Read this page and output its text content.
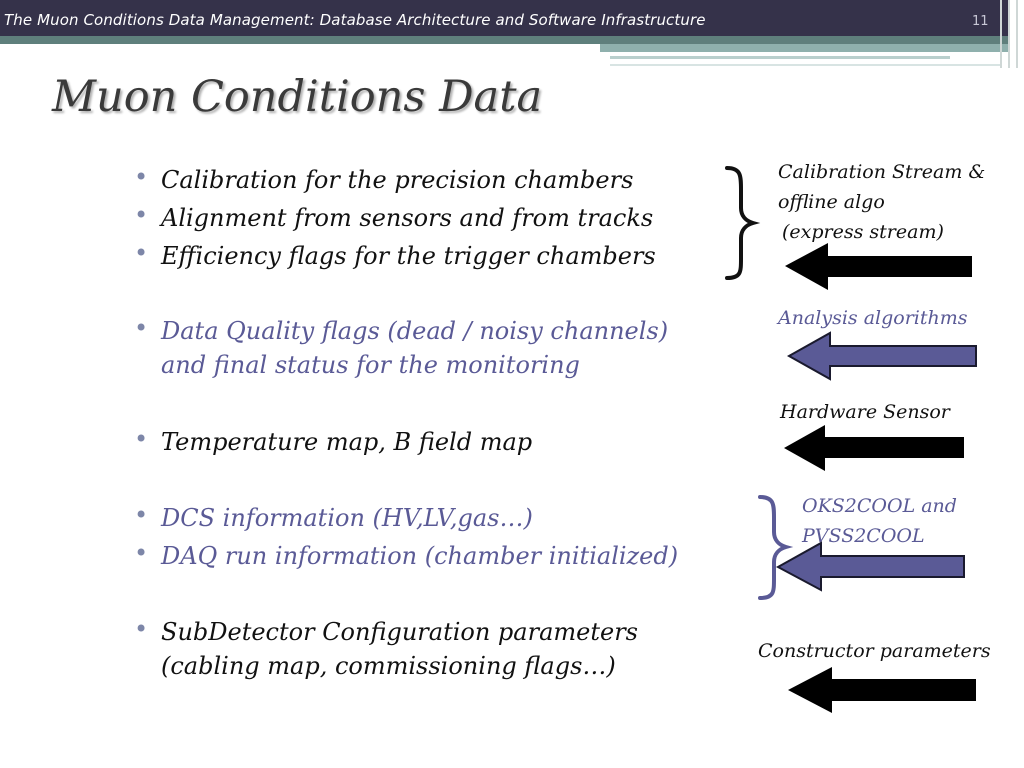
The Muon Conditions Data Management: Database Architecture and Software Infrastructure	11
Muon Conditions Data
• Calibration for the precision chambers
• Alignment from sensors and from tracks
• Efficiency flags for the trigger chambers
• Data Quality flags (dead / noisy channels)
and final status for the monitoring
• Temperature map, B field map
• DCS information (HV,LV,gas…)
• DAQ run information (chamber initialized)
• SubDetector Configuration parameters
(cabling map, commissioning flags…)
Calibration Stream &
offline algo
(express stream)
Analysis algorithms
Hardware Sensor
OKS2COOL and
PVSS2COOL
Constructor parameters
